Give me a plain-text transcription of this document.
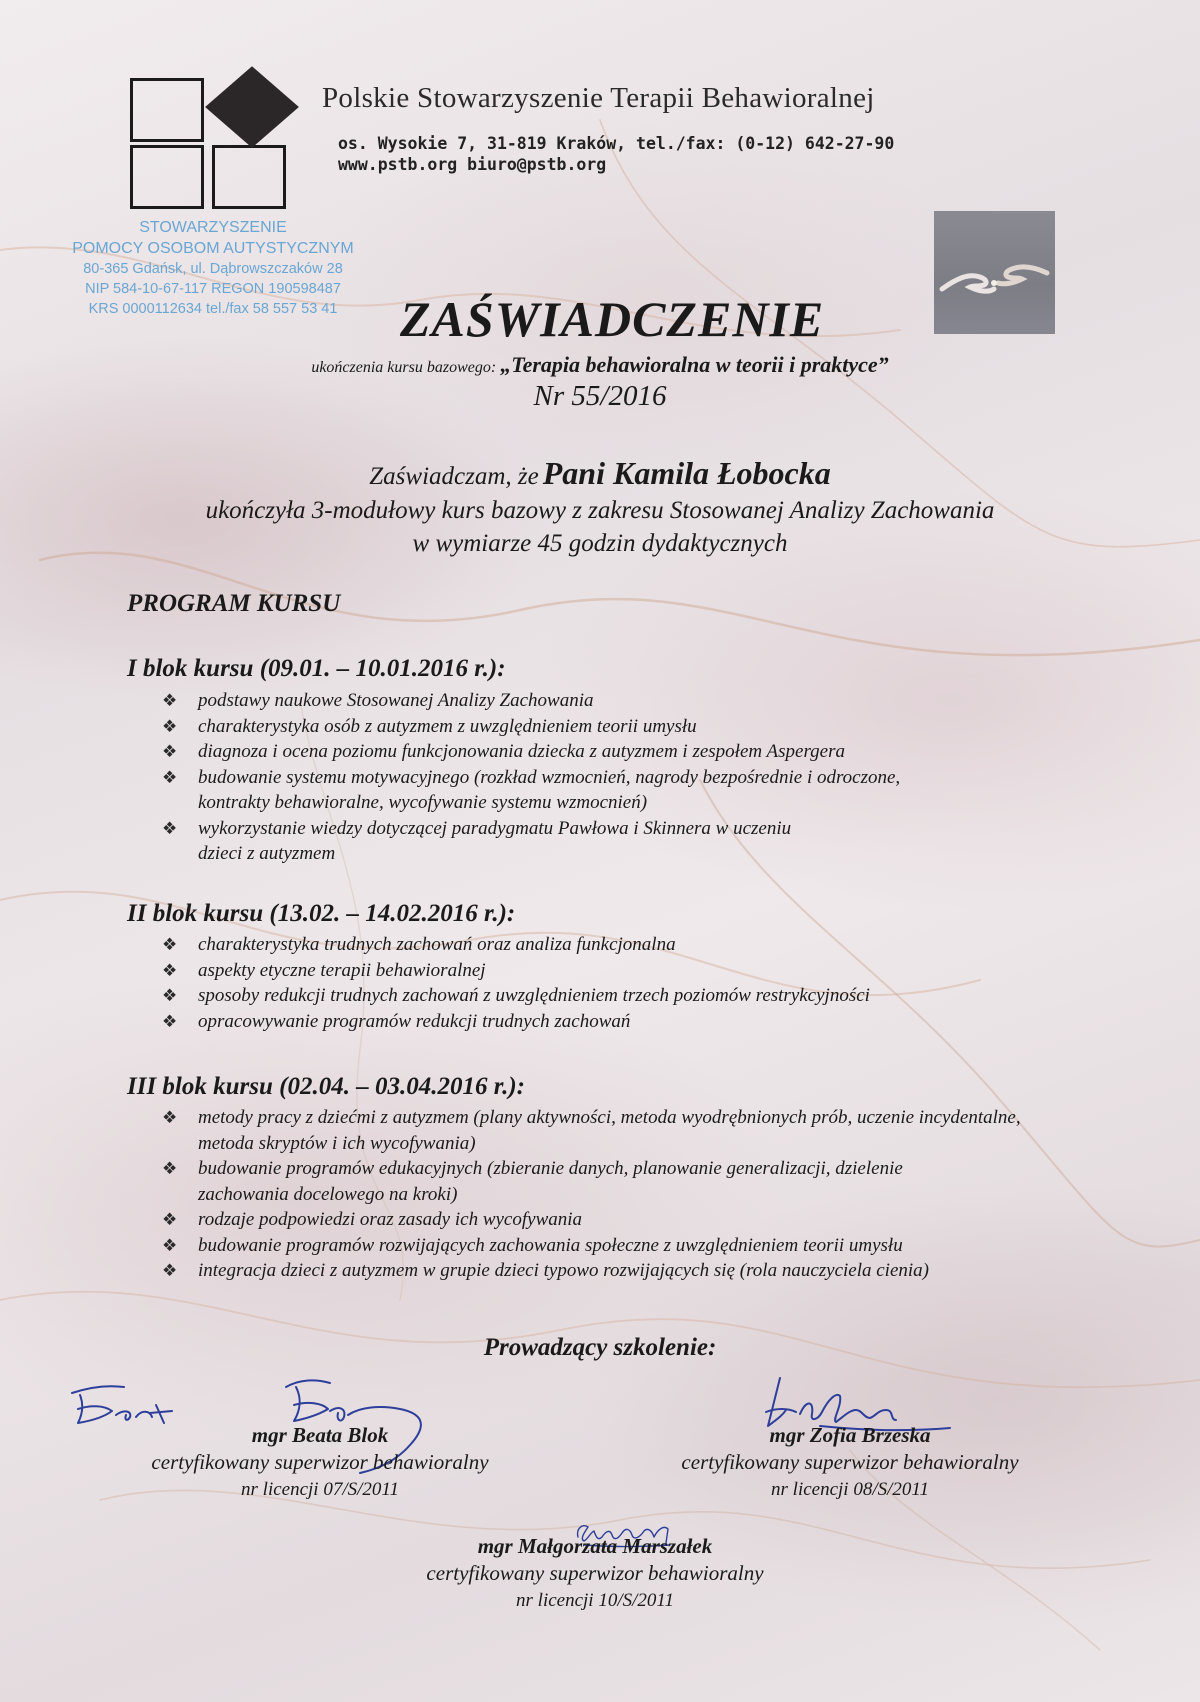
Polskie Stowarzyszenie Terapii Behawioralnej
os. Wysokie 7, 31-819 Kraków, tel./fax: (0-12) 642-27-90
www.pstb.org biuro@pstb.org
STOWARZYSZENIE
POMOCY OSOBOM AUTYSTYCZNYM
80-365 Gdańsk, ul. Dąbrowszczaków 28
NIP 584-10-67-117 REGON 190598487
KRS 0000112634 tel./fax 58 557 53 41	ZAŚWIADCZENIE
ukończenia kursu bazowego: „Terapia behawioralna w teorii i praktyce”
Nr 55/2016
Zaświadczam, że Pani Kamila Łobocka
ukończyła 3-modułowy kurs bazowy z zakresu Stosowanej Analizy Zachowania
w wymiarze 45 godzin dydaktycznych
PROGRAM KURSU
I blok kursu (09.01. – 10.01.2016 r.):
❖ podstawy naukowe Stosowanej Analizy Zachowania
❖ charakterystyka osób z autyzmem z uwzględnieniem teorii umysłu
❖ diagnoza i ocena poziomu funkcjonowania dziecka z autyzmem i zespołem Aspergera
❖ budowanie systemu motywacyjnego (rozkład wzmocnień, nagrody bezpośrednie i odroczone, kontrakty behawioralne, wycofywanie systemu wzmocnień)
❖ wykorzystanie wiedzy dotyczącej paradygmatu Pawłowa i Skinnera w uczeniu dzieci z autyzmem
II blok kursu (13.02. – 14.02.2016 r.):
❖ charakterystyka trudnych zachowań oraz analiza funkcjonalna
❖ aspekty etyczne terapii behawioralnej
❖ sposoby redukcji trudnych zachowań z uwzględnieniem trzech poziomów restrykcyjności
❖ opracowywanie programów redukcji trudnych zachowań
III blok kursu (02.04. – 03.04.2016 r.):
❖ metody pracy z dziećmi z autyzmem (plany aktywności, metoda wyodrębnionych prób, uczenie incydentalne, metoda skryptów i ich wycofywania)
❖ budowanie programów edukacyjnych (zbieranie danych, planowanie generalizacji, dzielenie zachowania docelowego na kroki)
❖ rodzaje podpowiedzi oraz zasady ich wycofywania
❖ budowanie programów rozwijających zachowania społeczne z uwzględnieniem teorii umysłu
❖ integracja dzieci z autyzmem w grupie dzieci typowo rozwijających się (rola nauczyciela cienia)
Prowadzący szkolenie:
mgr Beata Blok
certyfikowany superwizor behawioralny
nr licencji 07/S/2011
mgr Zofia Brzeska
certyfikowany superwizor behawioralny
nr licencji 08/S/2011
mgr Małgorzata Marszałek
certyfikowany superwizor behawioralny
nr licencji 10/S/2011
